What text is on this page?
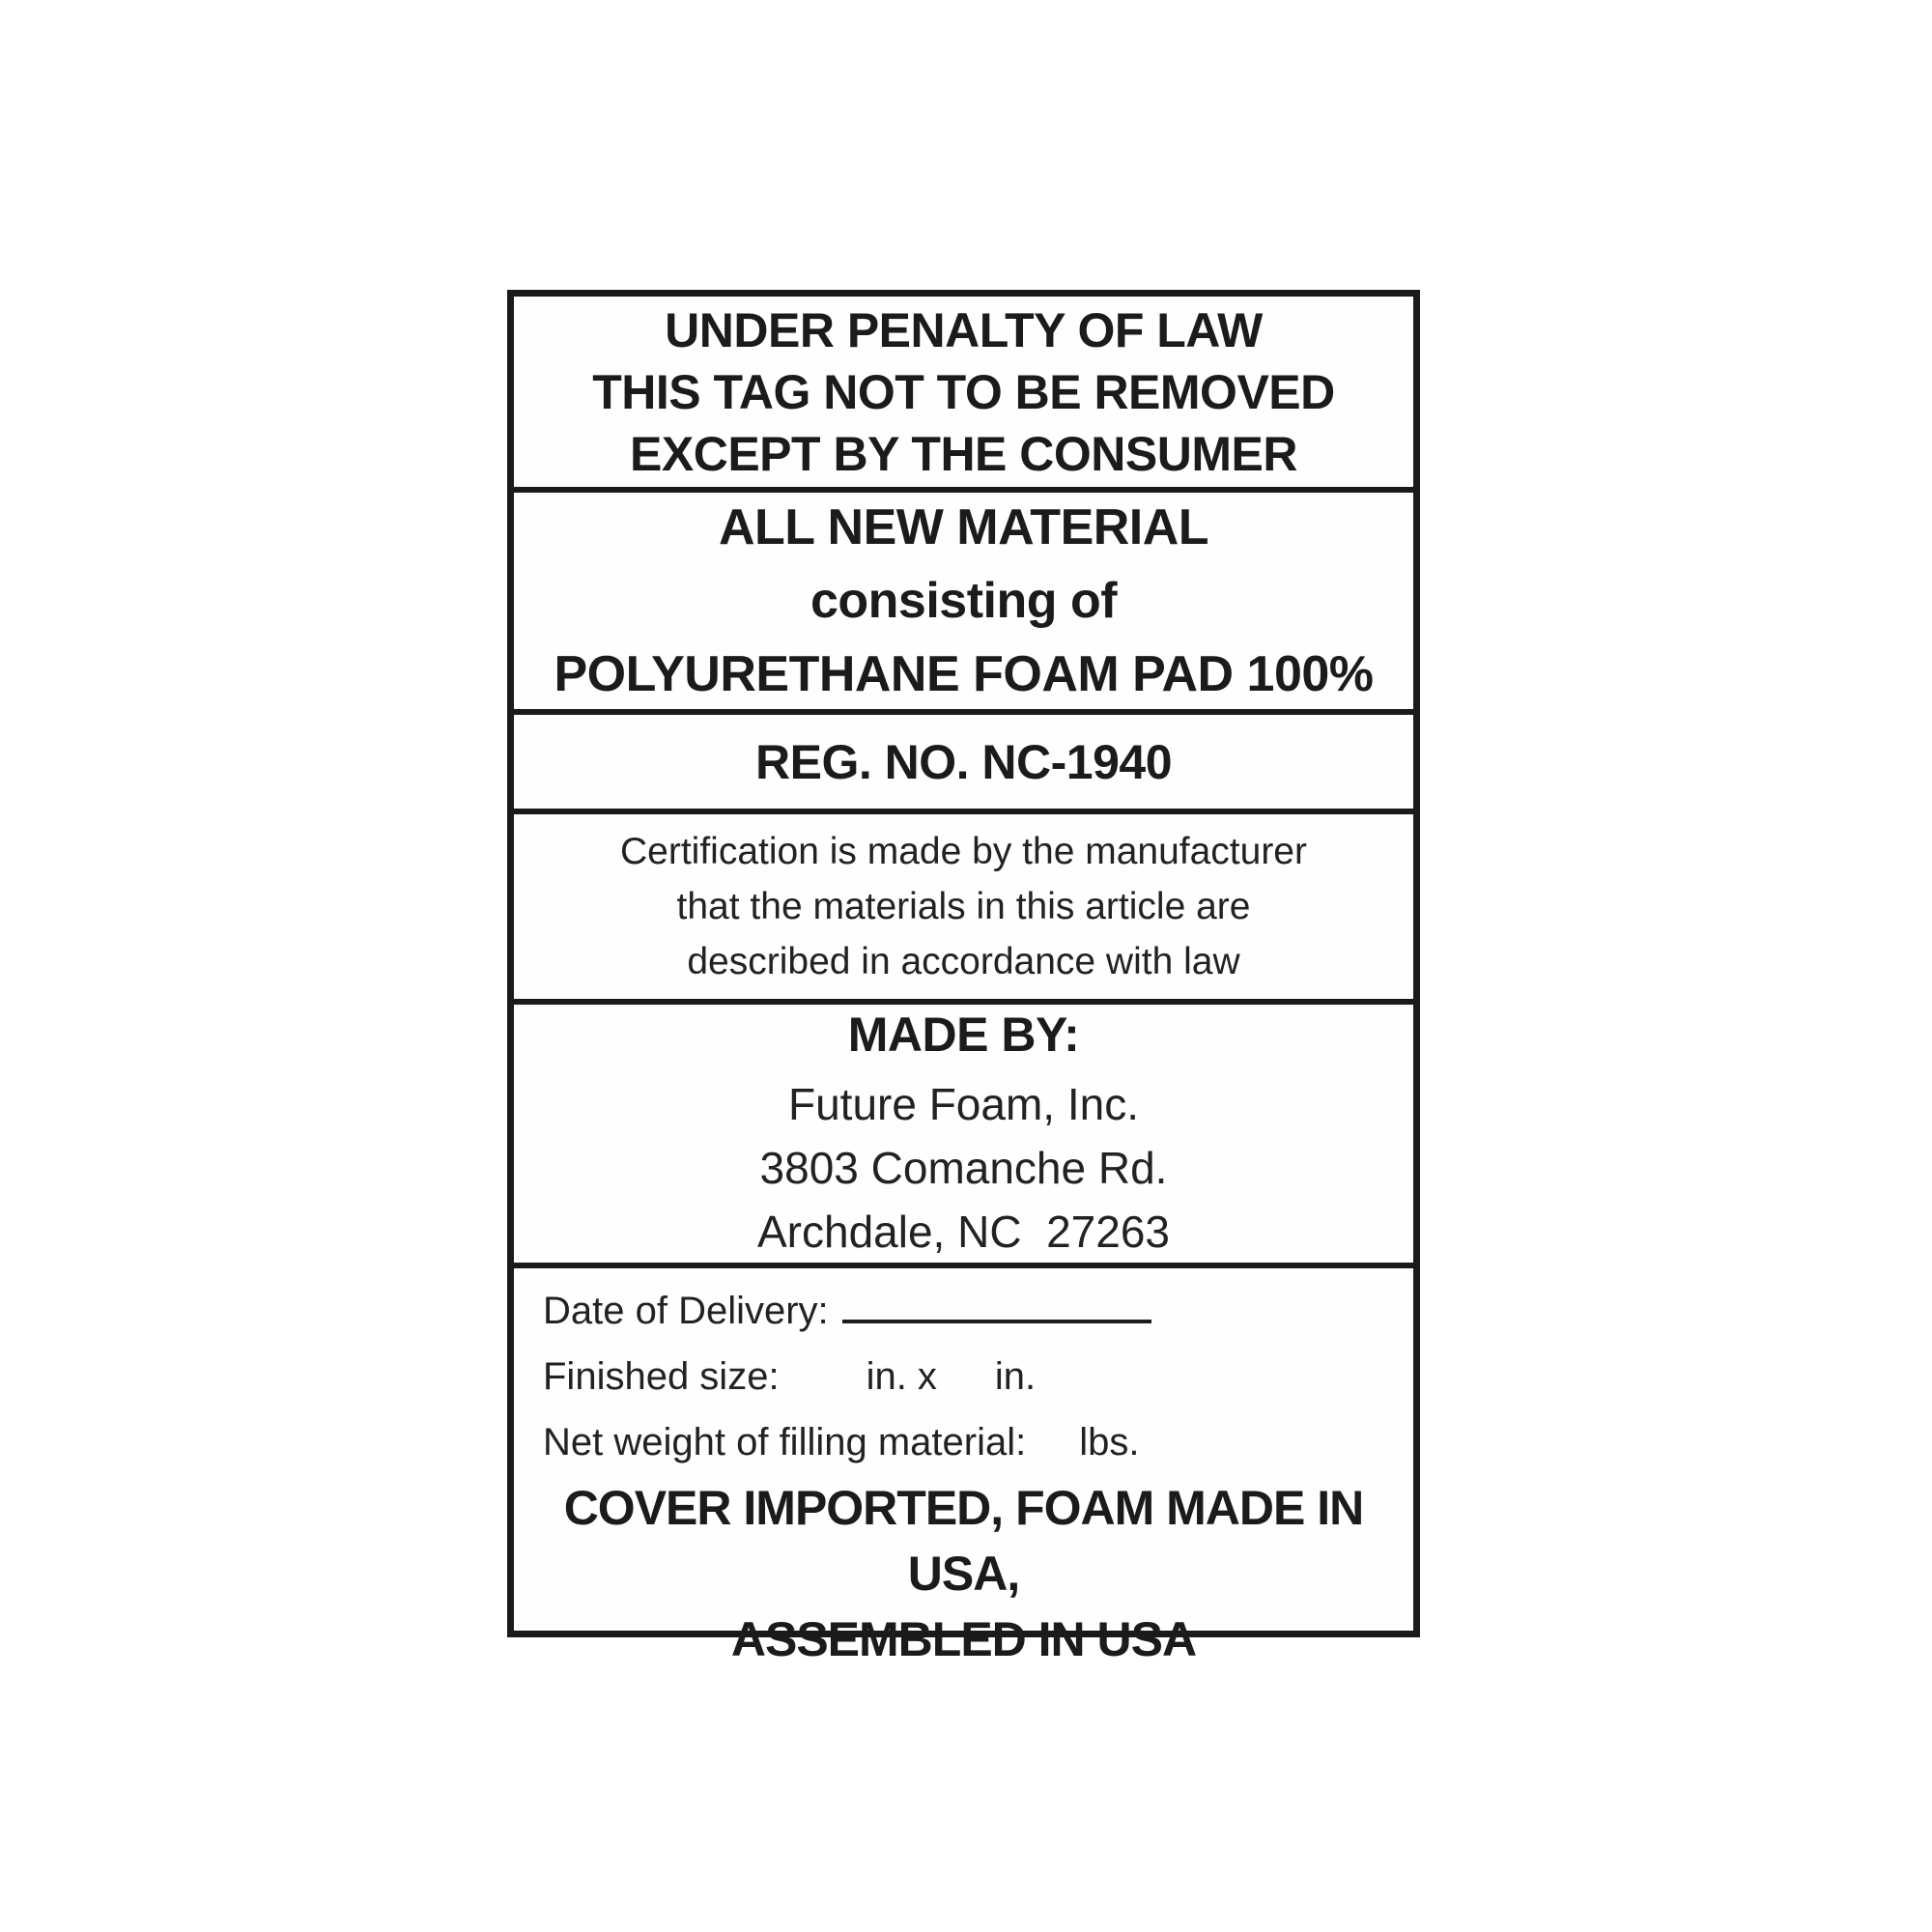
UNDER PENALTY OF LAW
THIS TAG NOT TO BE REMOVED
EXCEPT BY THE CONSUMER
ALL NEW MATERIAL
consisting of
POLYURETHANE FOAM PAD 100%
REG. NO. NC-1940
Certification is made by the manufacturer
that the materials in this article are
described in accordance with law
MADE BY:
Future Foam, Inc.
3803 Comanche Rd.
Archdale, NC  27263
Date of Delivery:
Finished size: in. x in.
Net weight of filling material: lbs.
COVER IMPORTED, FOAM MADE IN USA,
ASSEMBLED IN USA
